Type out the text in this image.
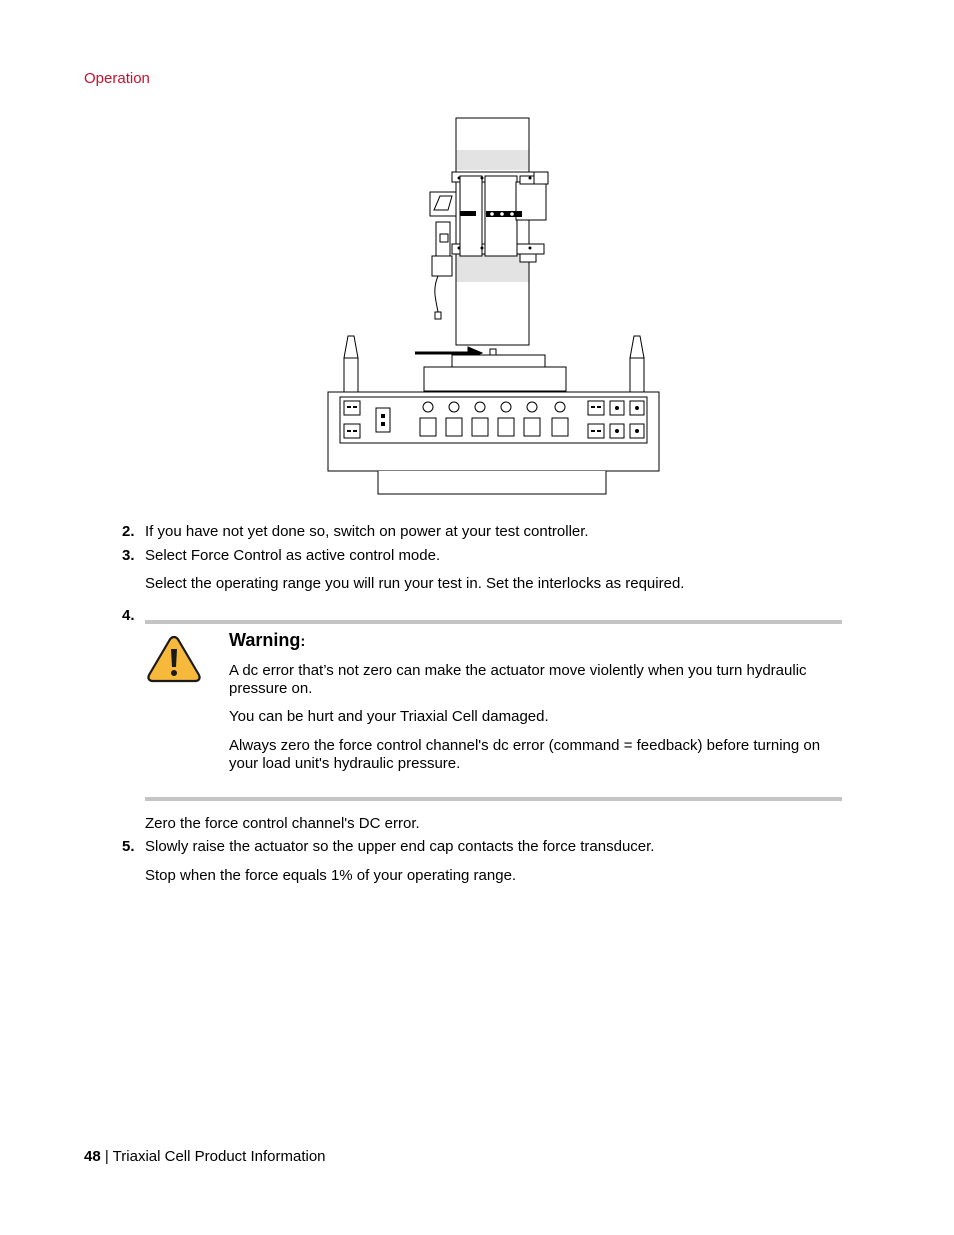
Operation
2. If you have not yet done so, switch on power at your test controller.
3. Select Force Control as active control mode.
Select the operating range you will run your test in. Set the interlocks as required.
4.
Warning:
A dc error that’s not zero can make the actuator move violently when you turn hydraulic pressure on.
You can be hurt and your Triaxial Cell damaged.
Always zero the force control channel's dc error (command = feedback) before turning on your load unit's hydraulic pressure.
Zero the force control channel's DC error.
5. Slowly raise the actuator so the upper end cap contacts the force transducer.
Stop when the force equals 1% of your operating range.
48 | Triaxial Cell Product Information
